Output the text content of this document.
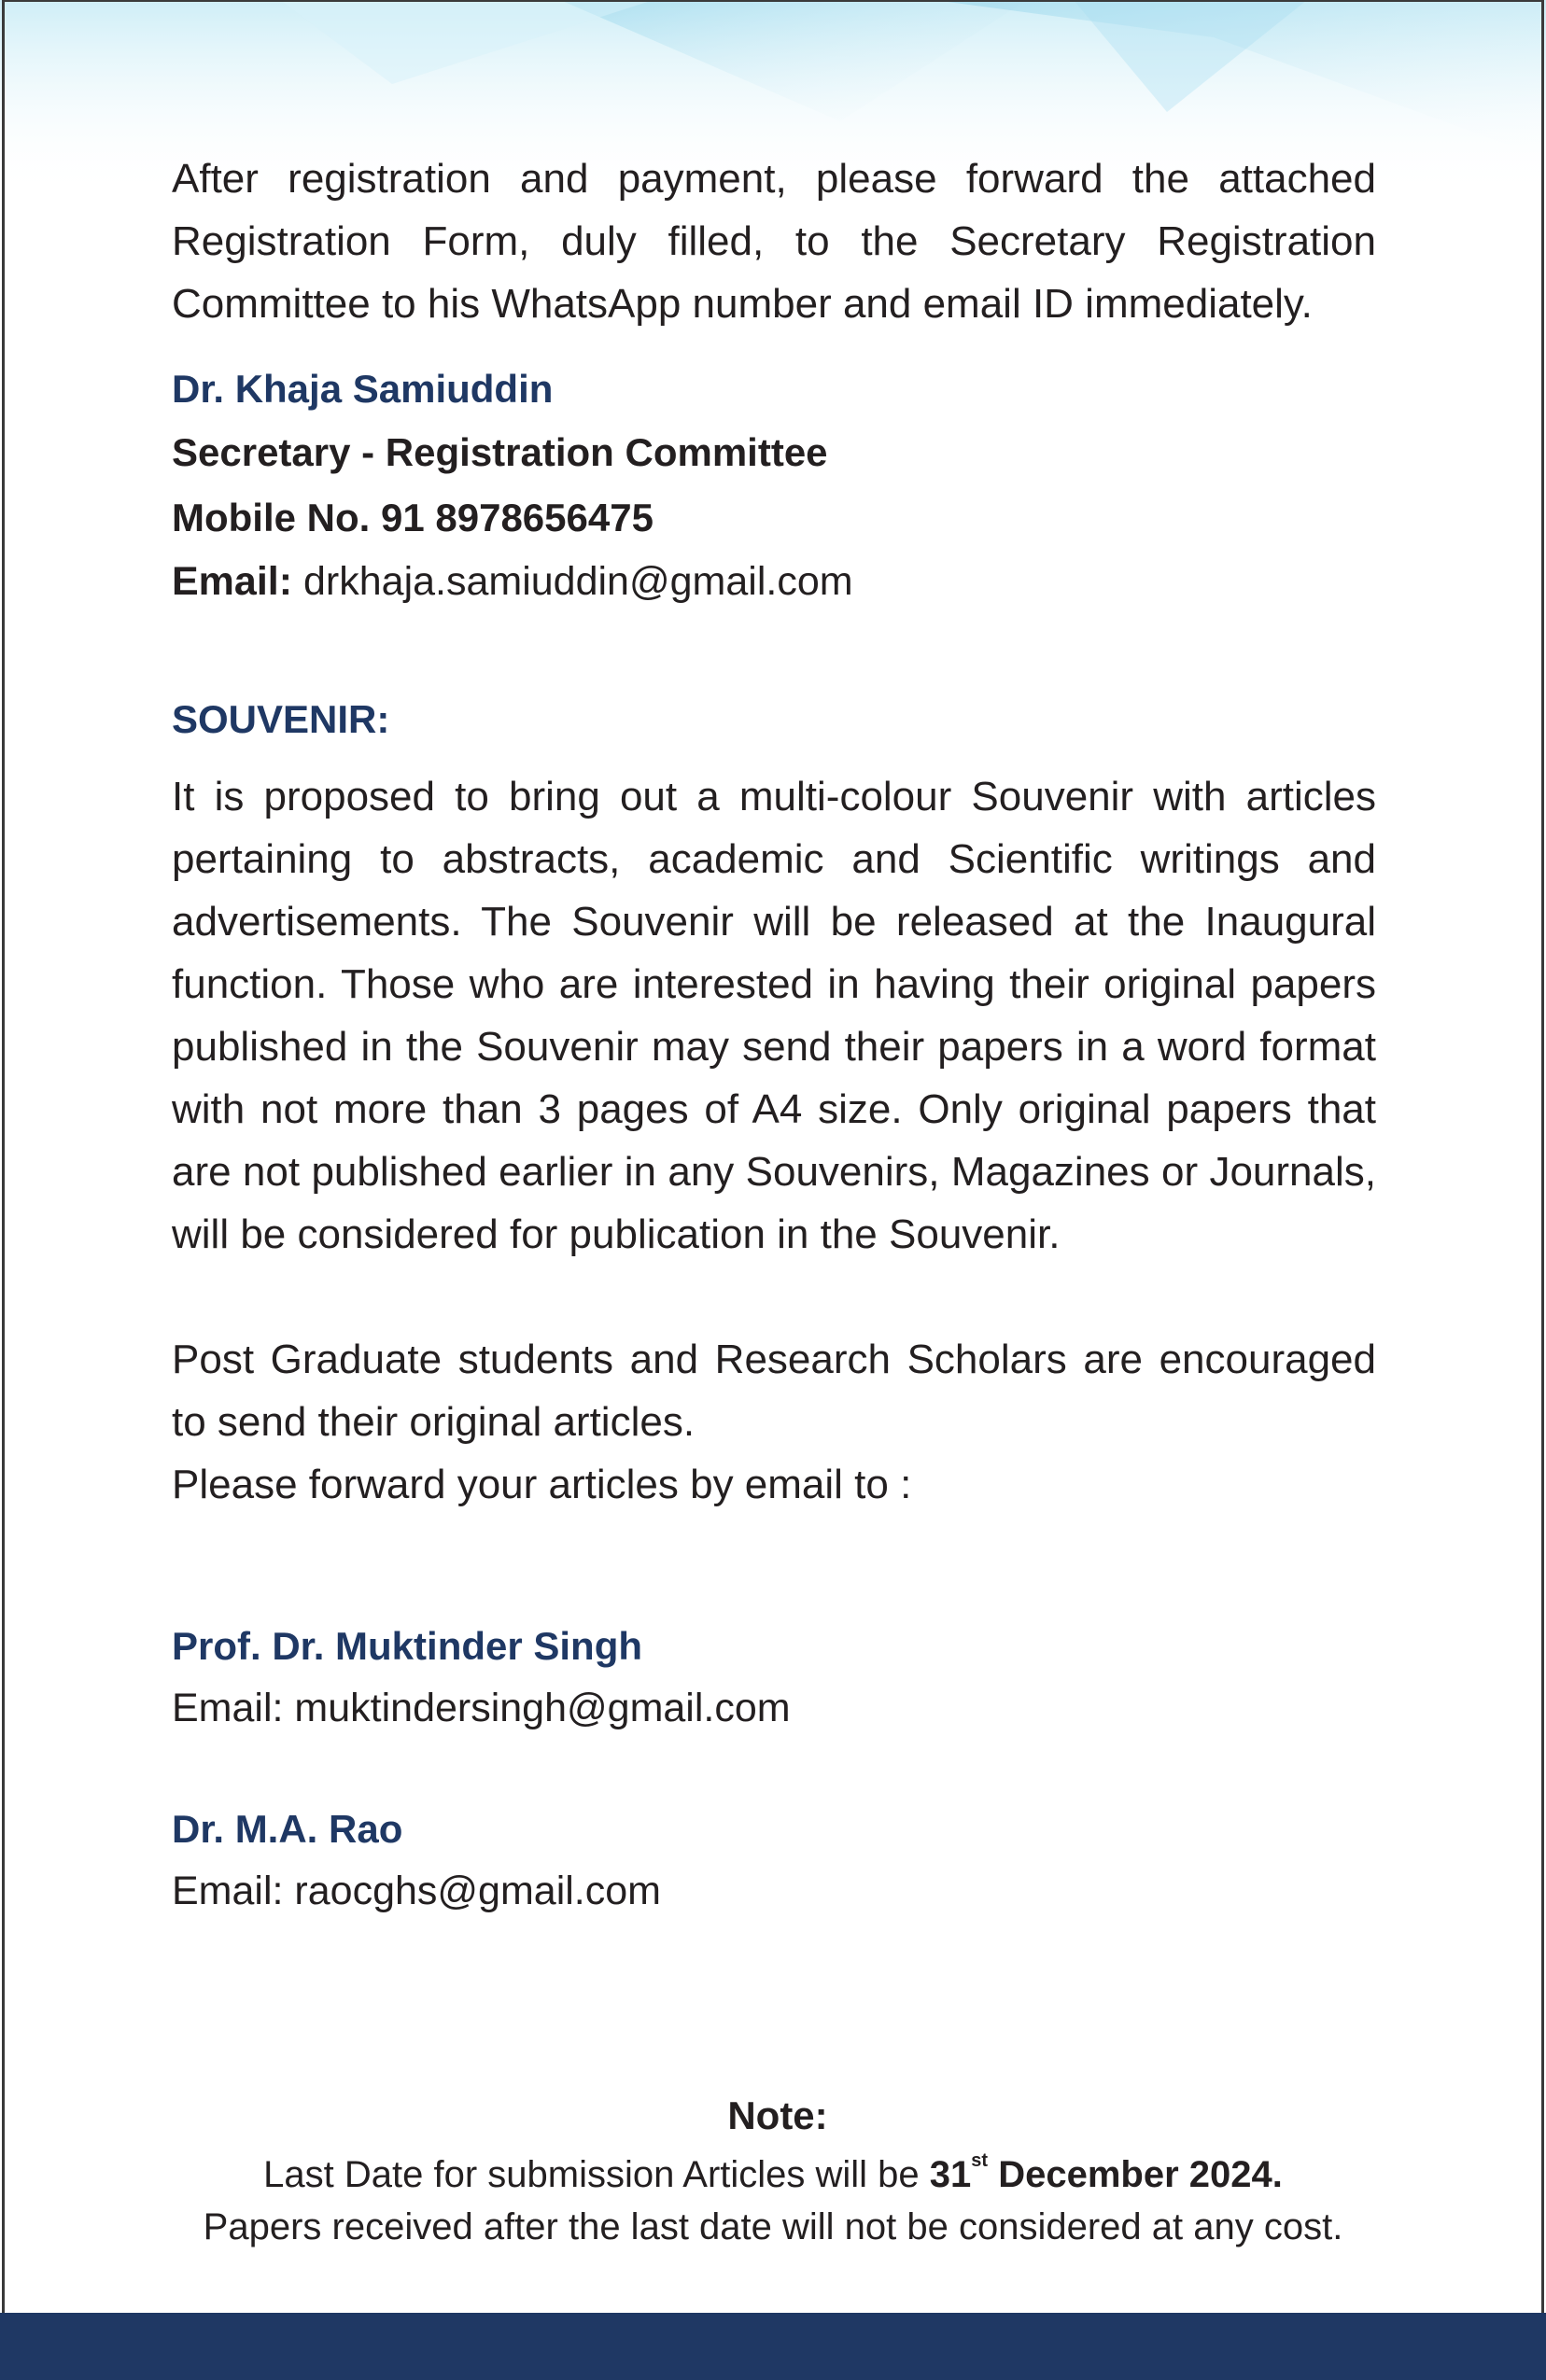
After registration and payment, please forward the attached Registration Form, duly filled, to the Secretary Registration Committee to his WhatsApp number and email ID immediately.

Dr. Khaja Samiuddin

Secretary - Registration Committee

Mobile No. 91 8978656475

Email: drkhaja.samiuddin@gmail.com

SOUVENIR:

It is proposed to bring out a multi-colour Souvenir with articles pertaining to abstracts, academic and Scientific writings and advertisements. The Souvenir will be released at the Inaugural function. Those who are interested in having their original papers published in the Souvenir may send their papers in a word format with not more than 3 pages of A4 size. Only original papers that are not published earlier in any Souvenirs, Magazines or Journals, will be considered for publication in the Souvenir.

Post Graduate students and Research Scholars are encouraged to send their original articles.

Please forward your articles by email to :

Prof. Dr. Muktinder Singh

Email: muktindersingh@gmail.com

Dr. M.A. Rao

Email: raocghs@gmail.com

Note:

Last Date for submission Articles will be 31st December 2024.

Papers received after the last date will not be considered at any cost.
